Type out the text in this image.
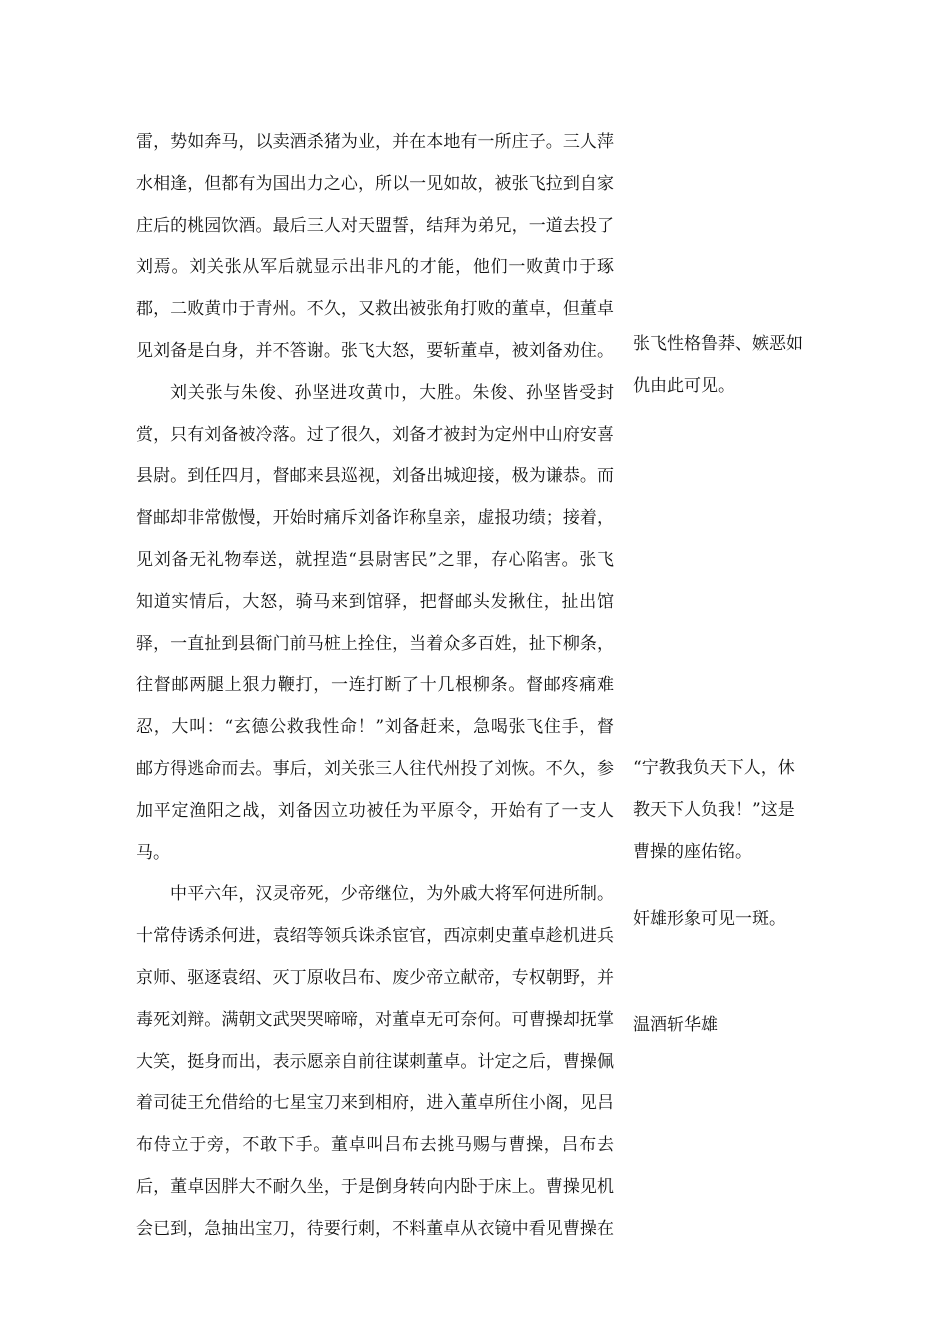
雷，势如奔马，以卖酒杀猪为业，并在本地有一所庄子。三人萍
水相逢，但都有为国出力之心，所以一见如故，被张飞拉到自家
庄后的桃园饮酒。最后三人对天盟誓，结拜为弟兄，一道去投了
刘焉。刘关张从军后就显示出非凡的才能，他们一败黄巾于琢
郡，二败黄巾于青州。不久，又救出被张角打败的董卓，但董卓
见刘备是白身，并不答谢。张飞大怒，要斩董卓，被刘备劝住。
刘关张与朱俊、孙坚进攻黄巾，大胜。朱俊、孙坚皆受封
赏，只有刘备被冷落。过了很久，刘备才被封为定州中山府安喜
县尉。到任四月，督邮来县巡视，刘备出城迎接，极为谦恭。而
督邮却非常傲慢，开始时痛斥刘备诈称皇亲，虚报功绩；接着，
见刘备无礼物奉送，就捏造“县尉害民”之罪，存心陷害。张飞
知道实情后，大怒，骑马来到馆驿，把督邮头发揪住，扯出馆
驿，一直扯到县衙门前马桩上拴住，当着众多百姓，扯下柳条，
往督邮两腿上狠力鞭打，一连打断了十几根柳条。督邮疼痛难
忍，大叫：“玄德公救我性命！”刘备赶来，急喝张飞住手，督
邮方得逃命而去。事后，刘关张三人往代州投了刘恢。不久，参
加平定渔阳之战，刘备因立功被任为平原令，开始有了一支人
马。
中平六年，汉灵帝死，少帝继位，为外戚大将军何进所制。
十常侍诱杀何进，袁绍等领兵诛杀宦官，西凉刺史董卓趁机进兵
京师、驱逐袁绍、灭丁原收吕布、废少帝立献帝，专权朝野，并
毒死刘辩。满朝文武哭哭啼啼，对董卓无可奈何。可曹操却抚掌
大笑，挺身而出，表示愿亲自前往谋刺董卓。计定之后，曹操佩
着司徒王允借给的七星宝刀来到相府，进入董卓所住小阁，见吕
布侍立于旁，不敢下手。董卓叫吕布去挑马赐与曹操，吕布去
后，董卓因胖大不耐久坐，于是倒身转向内卧于床上。曹操见机
会已到，急抽出宝刀，待要行刺，不料董卓从衣镜中看见曹操在
张飞性格鲁莽、嫉恶如
仇由此可见。
“宁教我负天下人，休
教天下人负我！”这是
曹操的座佑铭。
奸雄形象可见一斑。
温酒斩华雄
